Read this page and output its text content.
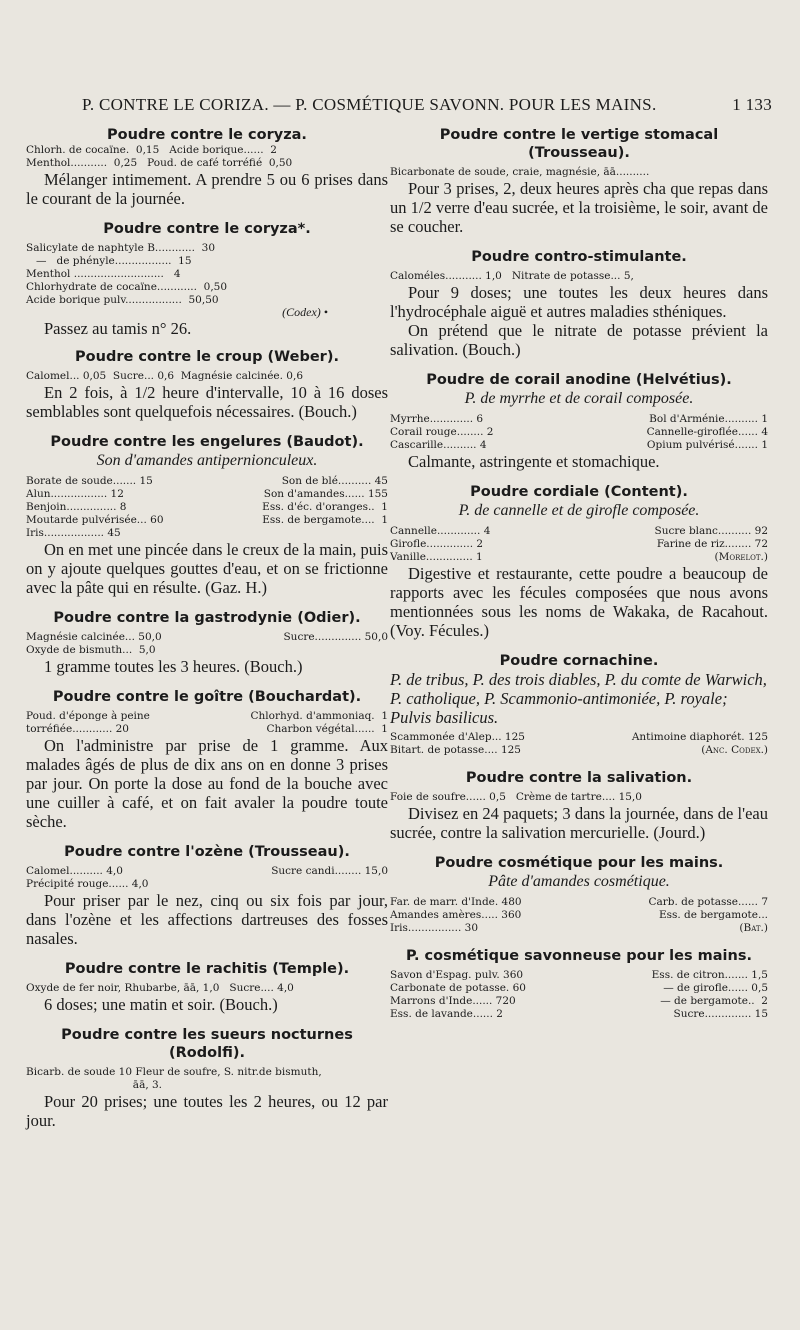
P. CONTRE LE CORIZA. — P. COSMÉTIQUE SAVONN. POUR LES MAINS.	1 133
Poudre contre le coryza.
Chlorh. de cocaïne.  0,15   Acide borique......  2
Menthol...........  0,25   Poud. de café torréfié  0,50

Mélanger intimement. A prendre 5 ou 6 prises dans le courant de la journée.

Poudre contre le coryza*.
Salicylate de naphtyle B............  30
—   de phényle.................  15
Menthol ...........................   4
Chlorhydrate de cocaïne............  0,50
Acide borique pulv.................  50,50
(Codex) •

Passez au tamis n° 26.

Poudre contre le croup (Weber).
Calomel... 0,05  Sucre... 0,6  Magnésie calcinée. 0,6

En 2 fois, à 1/2 heure d'intervalle, 10 à 16 doses semblables sont quelquefois nécessaires. (Bouch.)

Poudre contre les engelures (Baudot).

Son d'amandes antipernionculeux.

Borate de soude....... 15	Son de blé.......... 45
Alun................. 12	Son d'amandes...... 155
Benjoin............... 8	Ess. d'éc. d'oranges..  1
Moutarde pulvérisée... 60	Ess. de bergamote....  1
Iris.................. 45

On en met une pincée dans le creux de la main, puis on y ajoute quelques gouttes d'eau, et on se frictionne avec la pâte qui en résulte. (Gaz. H.)

Poudre contre la gastrodynie (Odier).
Magnésie calcinée... 50,0	Sucre.............. 50,0
Oxyde de bismuth...  5,0

1 gramme toutes les 3 heures. (Bouch.)

Poudre contre le goître (Bouchardat).
Poud. d'éponge à peine	Chlorhyd. d'ammoniaq.  1
torréfiée............ 20	Charbon végétal......  1

On l'administre par prise de 1 gramme. Aux malades âgés de plus de dix ans on en donne 3 prises par jour. On porte la dose au fond de la bouche avec une cuiller à café, et on fait avaler la poudre toute sèche.

Poudre contre l'ozène (Trousseau).
Calomel.......... 4,0	Sucre candi........ 15,0
Précipité rouge...... 4,0

Pour priser par le nez, cinq ou six fois par jour, dans l'ozène et les affections dartreuses des fosses nasales.

Poudre contre le rachitis (Temple).
Oxyde de fer noir, Rhubarbe, āā, 1,0   Sucre.... 4,0

6 doses; une matin et soir. (Bouch.)

Poudre contre les sueurs nocturnes (Rodolfi).
Bicarb. de soude 10 Fleur de soufre, S. nitr.de bismuth,
āā, 3.

Pour 20 prises; une toutes les 2 heures, ou 12 par jour.

Poudre contre le vertige stomacal
(Trousseau).
Bicarbonate de soude, craie, magnésie, āā..........

Pour 3 prises, 2, deux heures après cha que repas dans un 1/2 verre d'eau sucrée, et la troisième, le soir, avant de se coucher.

Poudre contro-stimulante.
Caloméles........... 1,0   Nitrate de potasse... 5,

Pour 9 doses; une toutes les deux heures dans l'hydrocéphale aiguë et autres maladies sthéniques.

On prétend que le nitrate de potasse prévient la salivation. (Bouch.)

Poudre de corail anodine (Helvétius).

P. de myrrhe et de corail composée.

Myrrhe............. 6	Bol d'Arménie.......... 1
Corail rouge........ 2	Cannelle-giroflée...... 4
Cascarille.......... 4	Opium pulvérisé....... 1

Calmante, astringente et stomachique.

Poudre cordiale (Content).

P. de cannelle et de girofle composée.

Cannelle............. 4	Sucre blanc.......... 92
Girofle.............. 2	Farine de riz........ 72
Vanille.............. 1	(Morelot.)

Digestive et restaurante, cette poudre a beaucoup de rapports avec les fécules composées que nous avons mentionnées sous les noms de Wakaka, de Racahout. (Voy. Fécules.)

Poudre cornachine.

P. de tribus, P. des trois diables, P. du comte de Warwich, P. catholique, P. Scammonio-antimoniée, P. royale; Pulvis basilicus.

Scammonée d'Alep... 125	Antimoine diaphorét. 125
Bitart. de potasse.... 125	(Anc. Codex.)
Poudre contre la salivation.
Foie de soufre...... 0,5   Crème de tartre.... 15,0

Divisez en 24 paquets; 3 dans la journée, dans de l'eau sucrée, contre la salivation mercurielle. (Jourd.)

Poudre cosmétique pour les mains.

Pâte d'amandes cosmétique.

Far. de marr. d'Inde. 480	Carb. de potasse...... 7
Amandes amères..... 360	Ess. de bergamote...
Iris................ 30	(Bat.)
P. cosmétique savonneuse pour les mains.
Savon d'Espag. pulv. 360	Ess. de citron....... 1,5
Carbonate de potasse. 60	— de girofle...... 0,5
Marrons d'Inde...... 720	— de bergamote..  2
Ess. de lavande...... 2	Sucre.............. 15
